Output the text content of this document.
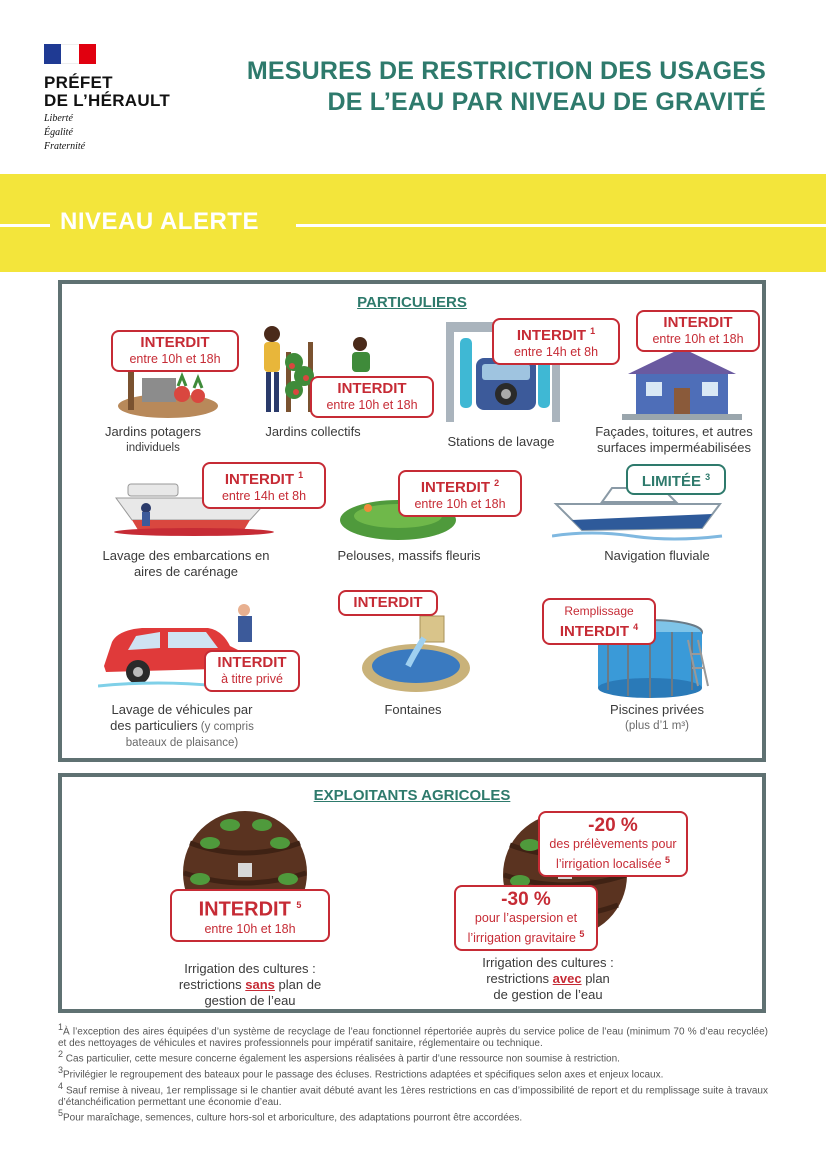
PRÉFET
DE L’HÉRAULT
Liberté
Égalité
Fraternité
MESURES DE RESTRICTION DES USAGES
DE L’EAU PAR NIVEAU DE GRAVITÉ
NIVEAU ALERTE
PARTICULIERS
INTERDIT
entre 10h et 18h
Jardins potagers
individuels
INTERDIT
entre 10h et 18h
Jardins collectifs
INTERDIT $^1$
entre 14h et 8h
Stations de lavage
INTERDIT
entre 10h et 18h
Façades, toitures, et autres
surfaces imperméabilisées
INTERDIT $^1$
entre 14h et 8h
Lavage des embarcations en
aires de carénage
INTERDIT $^2$
entre 10h et 18h
Pelouses, massifs fleuris
LIMITÉE $^3$
Navigation fluviale
INTERDIT
à titre privé
Lavage de véhicules par
des particuliers (y compris
bateaux de plaisance)
INTERDIT
Fontaines
Remplissage
INTERDIT $^4$
Piscines privées
(plus d’1 m³)
EXPLOITANTS AGRICOLES
INTERDIT $^5$
entre 10h et 18h
Irrigation des cultures :
restrictions sans plan de
gestion de l’eau
-20 %
des prélèvements pour
l’irrigation localisée $^5$
-30 %
pour l’aspersion et
l’irrigation gravitaire $^5$
Irrigation des cultures :
restrictions avec plan
de gestion de l’eau

$^1$À l’exception des aires équipées d’un système de recyclage de l’eau fonctionnel répertoriée auprès du service police de l’eau (minimum 70 % d’eau recyclée) et des nettoyages de véhicules et navires professionnels pour impératif sanitaire, réglementaire ou technique.

$^2$ Cas particulier, cette mesure concerne également les aspersions réalisées à partir d’une ressource non soumise à restriction.

$^3$Privilégier le regroupement des bateaux pour le passage des écluses. Restrictions adaptées et spécifiques selon axes et enjeux locaux.

$^4$ Sauf remise à niveau, 1er remplissage si le chantier avait débuté avant les 1ères restrictions en cas d’impossibilité de report et du remplissage suite à travaux d’étanchéification permettant une économie d’eau.

$^5$Pour maraîchage, semences, culture hors-sol et arboriculture, des adaptations pourront être accordées.
